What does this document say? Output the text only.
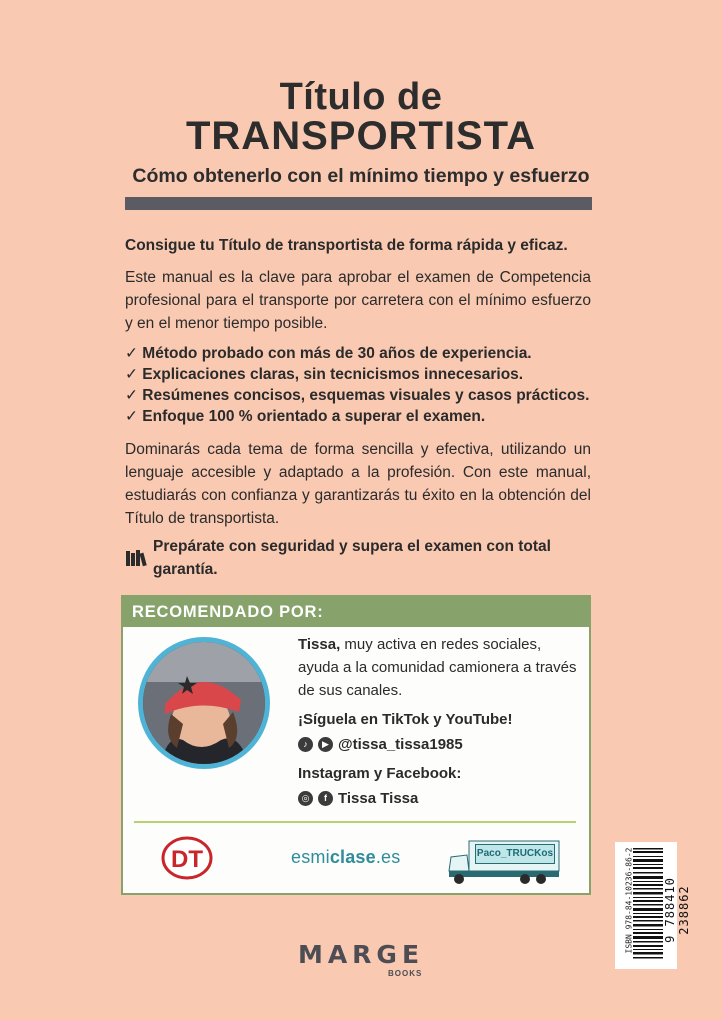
Título de
TRANSPORTISTA
Cómo obtenerlo con el mínimo tiempo y esfuerzo
Consigue tu Título de transportista de forma rápida y eficaz.
Este manual es la clave para aprobar el examen de Competencia profesional para el transporte por carretera con el mínimo esfuerzo y en el menor tiempo posible.
✓ Método probado con más de 30 años de experiencia.
✓ Explicaciones claras, sin tecnicismos innecesarios.
✓ Resúmenes concisos, esquemas visuales y casos prácticos.
✓ Enfoque 100 % orientado a superar el examen.
Dominarás cada tema de forma sencilla y efectiva, utilizando un lenguaje accesible y adaptado a la profesión. Con este manual, estudiarás con confianza y garantizarás tu éxito en la obtención del Título de transportista.
Prepárate con seguridad y supera el examen con total garantía.
RECOMENDADO POR:
Tissa, muy activa en redes sociales, ayuda a la comunidad camionera a través de sus canales.
¡Síguela en TikTok y YouTube!
♪	▶ @tissa_tissa1985
Instagram y Facebook:
◎	f Tissa Tissa
DT	esmiclase.es	Paco_TRUCKos
MARGE
BOOKS
ISBN 978-84-10236-86-2 9 788410 238862
